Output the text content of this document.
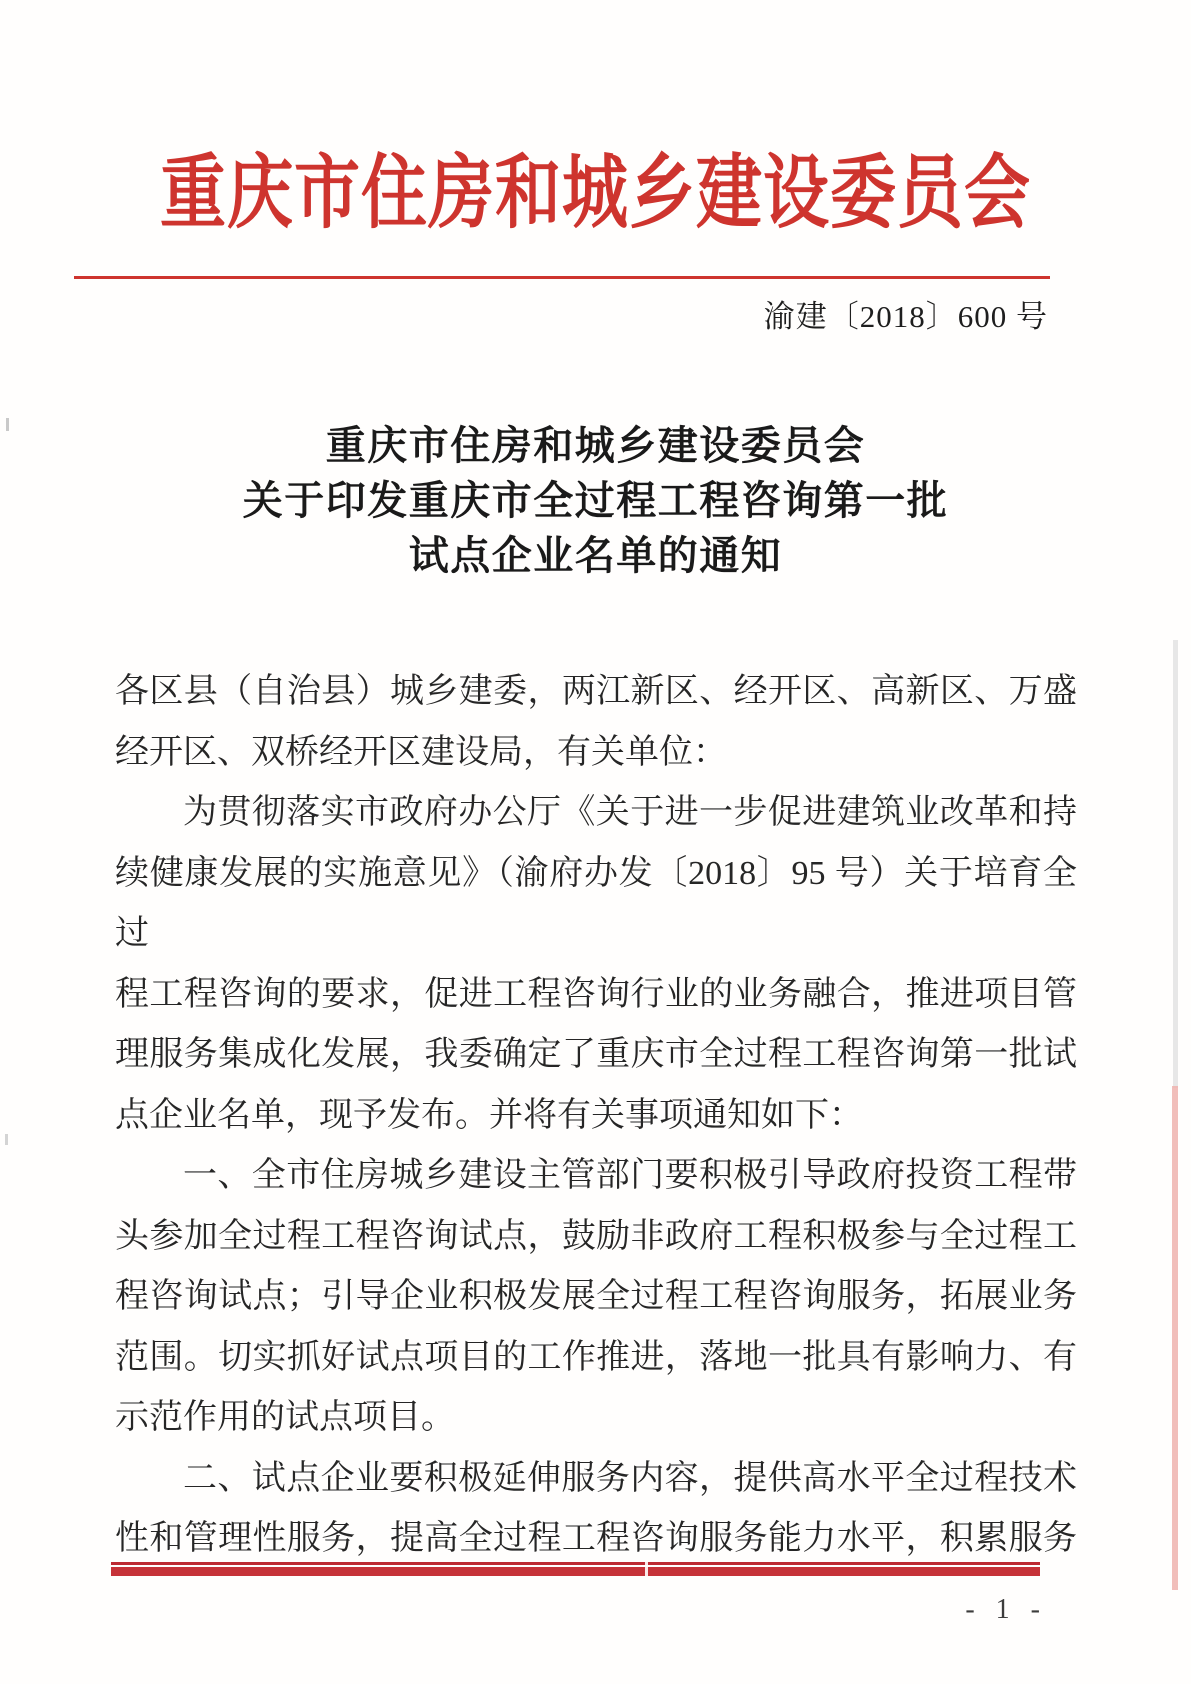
重庆市住房和城乡建设委员会
渝建〔2018〕600 号
重庆市住房和城乡建设委员会
关于印发重庆市全过程工程咨询第一批
试点企业名单的通知
各区县（自治县）城乡建委，两江新区、经开区、高新区、万盛
经开区、双桥经开区建设局，有关单位：
为贯彻落实市政府办公厅《关于进一步促进建筑业改革和持
续健康发展的实施意见》（渝府办发〔2018〕95 号）关于培育全过
程工程咨询的要求，促进工程咨询行业的业务融合，推进项目管
理服务集成化发展，我委确定了重庆市全过程工程咨询第一批试
点企业名单，现予发布。并将有关事项通知如下：
一、全市住房城乡建设主管部门要积极引导政府投资工程带
头参加全过程工程咨询试点，鼓励非政府工程积极参与全过程工
程咨询试点；引导企业积极发展全过程工程咨询服务，拓展业务
范围。切实抓好试点项目的工作推进，落地一批具有影响力、有
示范作用的试点项目。
二、试点企业要积极延伸服务内容，提供高水平全过程技术
性和管理性服务，提高全过程工程咨询服务能力水平，积累服务
- 1 -
